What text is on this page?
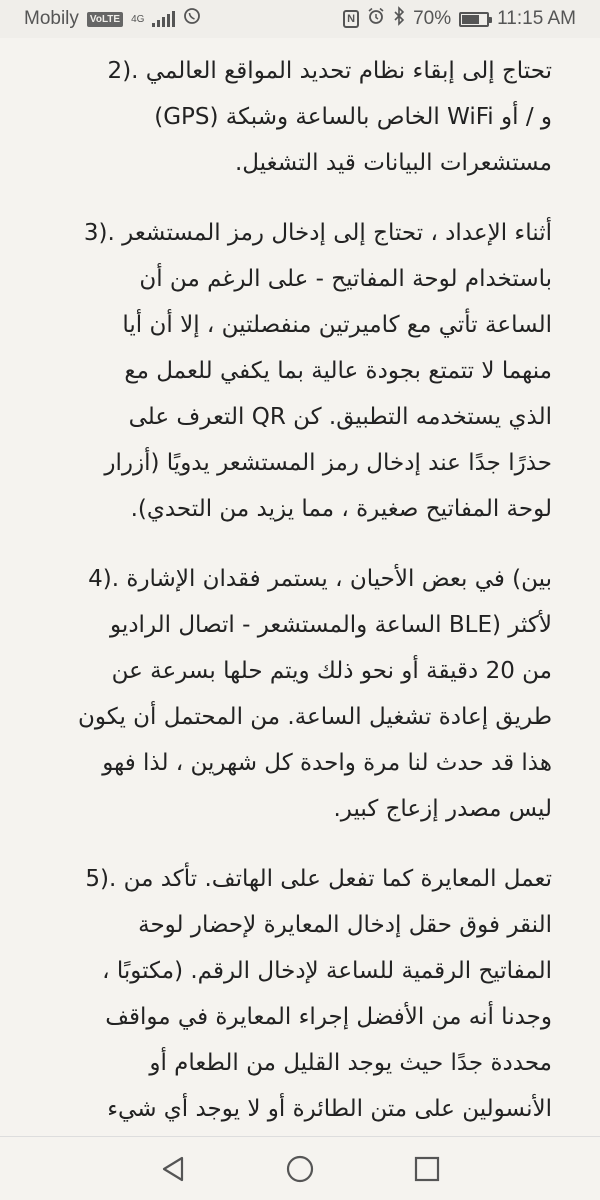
Mobily	VoLTE	4G	N	70% 11:15 AM

تحتاج إلى إبقاء نظام تحديد المواقع العالمي .(2
و / أو WiFi الخاص بالساعة وشبكة (GPS)
مستشعرات البيانات قيد التشغيل.

أثناء الإعداد ، تحتاج إلى إدخال رمز المستشعر .(3
باستخدام لوحة المفاتيح - على الرغم من أن
الساعة تأتي مع كاميرتين منفصلتين ، إلا أن أيا
منهما لا تتمتع بجودة عالية بما يكفي للعمل مع
الذي يستخدمه التطبيق. كن QR التعرف على
حذرًا جدًا عند إدخال رمز المستشعر يدويًا (أزرار
لوحة المفاتيح صغيرة ، مما يزيد من التحدي).

بين) في بعض الأحيان ، يستمر فقدان الإشارة .(4
لأكثر (BLE الساعة والمستشعر - اتصال الراديو
من 20 دقيقة أو نحو ذلك ويتم حلها بسرعة عن
طريق إعادة تشغيل الساعة. من المحتمل أن يكون
هذا قد حدث لنا مرة واحدة كل شهرين ، لذا فهو
ليس مصدر إزعاج كبير.

تعمل المعايرة كما تفعل على الهاتف. تأكد من .(5
النقر فوق حقل إدخال المعايرة لإحضار لوحة
المفاتيح الرقمية للساعة لإدخال الرقم. (مكتوبًا ،
وجدنا أنه من الأفضل إجراء المعايرة في مواقف
محددة جدًا حيث يوجد القليل من الطعام أو
الأنسولين على متن الطائرة أو لا يوجد أي شيء
